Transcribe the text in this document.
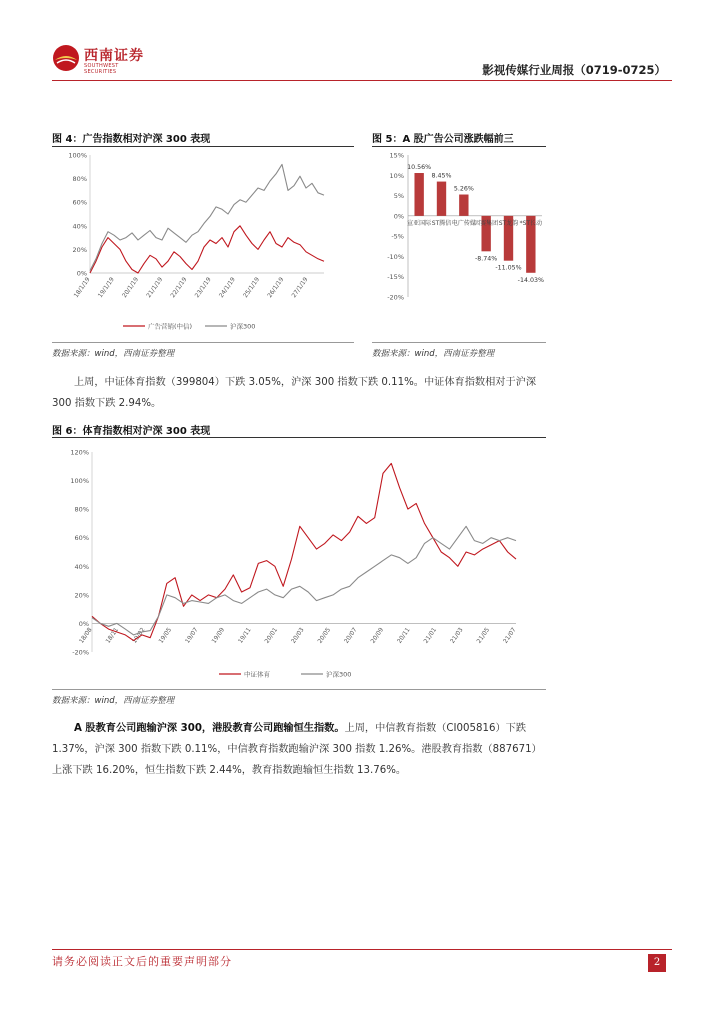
西南证券
SOUTHWEST SECURITIES	影视传媒行业周报（0719-0725）
图 4：广告指数相对沪深 300 表现
100%
80%
60%
40%
20%
0%
18/1/19 19/1/19 20/1/19 21/1/19 22/1/19 23/1/19 24/1/19 25/1/19 26/1/19 27/1/19
广告营销(中信)	沪深300
数据来源：wind，西南证券整理
图 5：A 股广告公司涨跌幅前三
15%
10%
5%
0%
-5%
-10%
-15%
-20%
10.56%
宣亚国际
8.45%
ST腾信
5.26%
电广传媒
-8.74%
因赛集团
-11.05%
ST龙韵
-14.03%
*ST长动
数据来源：wind，西南证券整理
上周，中证体育指数（399804）下跌 3.05%，沪深 300 指数下跌 0.11%。中证体育指数相对于沪深 300 指数下跌 2.94%。
图 6：体育指数相对沪深 300 表现
120%
100%
80%
60%
40%
20%
0%
-20%
18/08 18/11 19/02 19/05 19/07 19/09 19/11 20/01 20/03 20/05 20/07 20/09 20/11 21/01 21/03 21/05 21/07
中证体育	沪深300
数据来源：wind，西南证券整理
A 股教育公司跑输沪深 300，港股教育公司跑输恒生指数。上周，中信教育指数（CI005816）下跌 1.37%，沪深 300 指数下跌 0.11%，中信教育指数跑输沪深 300 指数 1.26%。港股教育指数（887671）上涨下跌 16.20%，恒生指数下跌 2.44%，教育指数跑输恒生指数 13.76%。
请务必阅读正文后的重要声明部分	2
